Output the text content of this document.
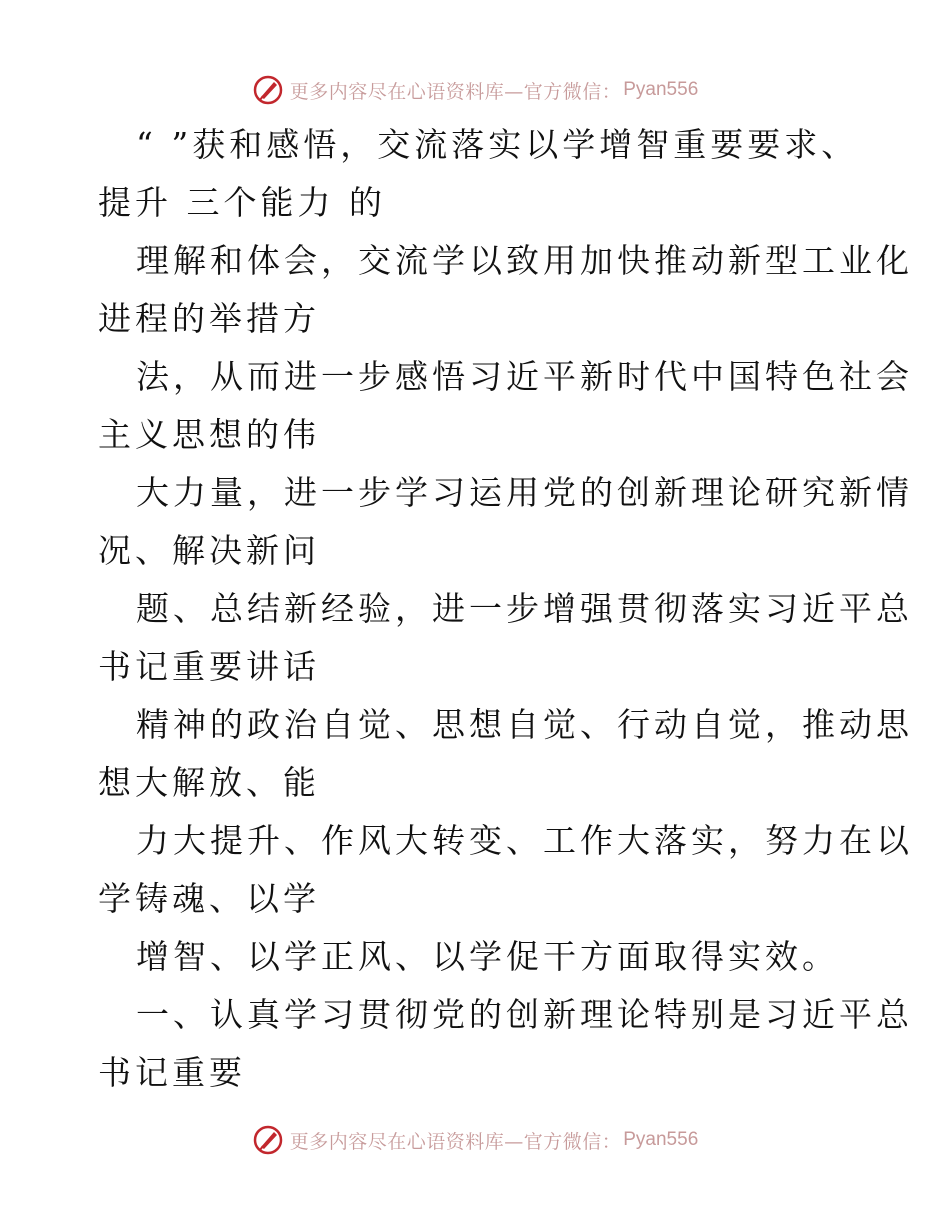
更多内容尽在心语资料库—官方微信： Pyan556
“ ”获和感悟，交流落实以学增智重要要求、
提升 三个能力 的
理解和体会，交流学以致用加快推动新型工业化
进程的举措方
法，从而进一步感悟习近平新时代中国特色社会
主义思想的伟
大力量，进一步学习运用党的创新理论研究新情
况、解决新问
题、总结新经验，进一步增强贯彻落实习近平总
书记重要讲话
精神的政治自觉、思想自觉、行动自觉，推动思
想大解放、能
力大提升、作风大转变、工作大落实，努力在以
学铸魂、以学
增智、以学正风、以学促干方面取得实效。
一、认真学习贯彻党的创新理论特别是习近平总
书记重要
更多内容尽在心语资料库—官方微信： Pyan556
